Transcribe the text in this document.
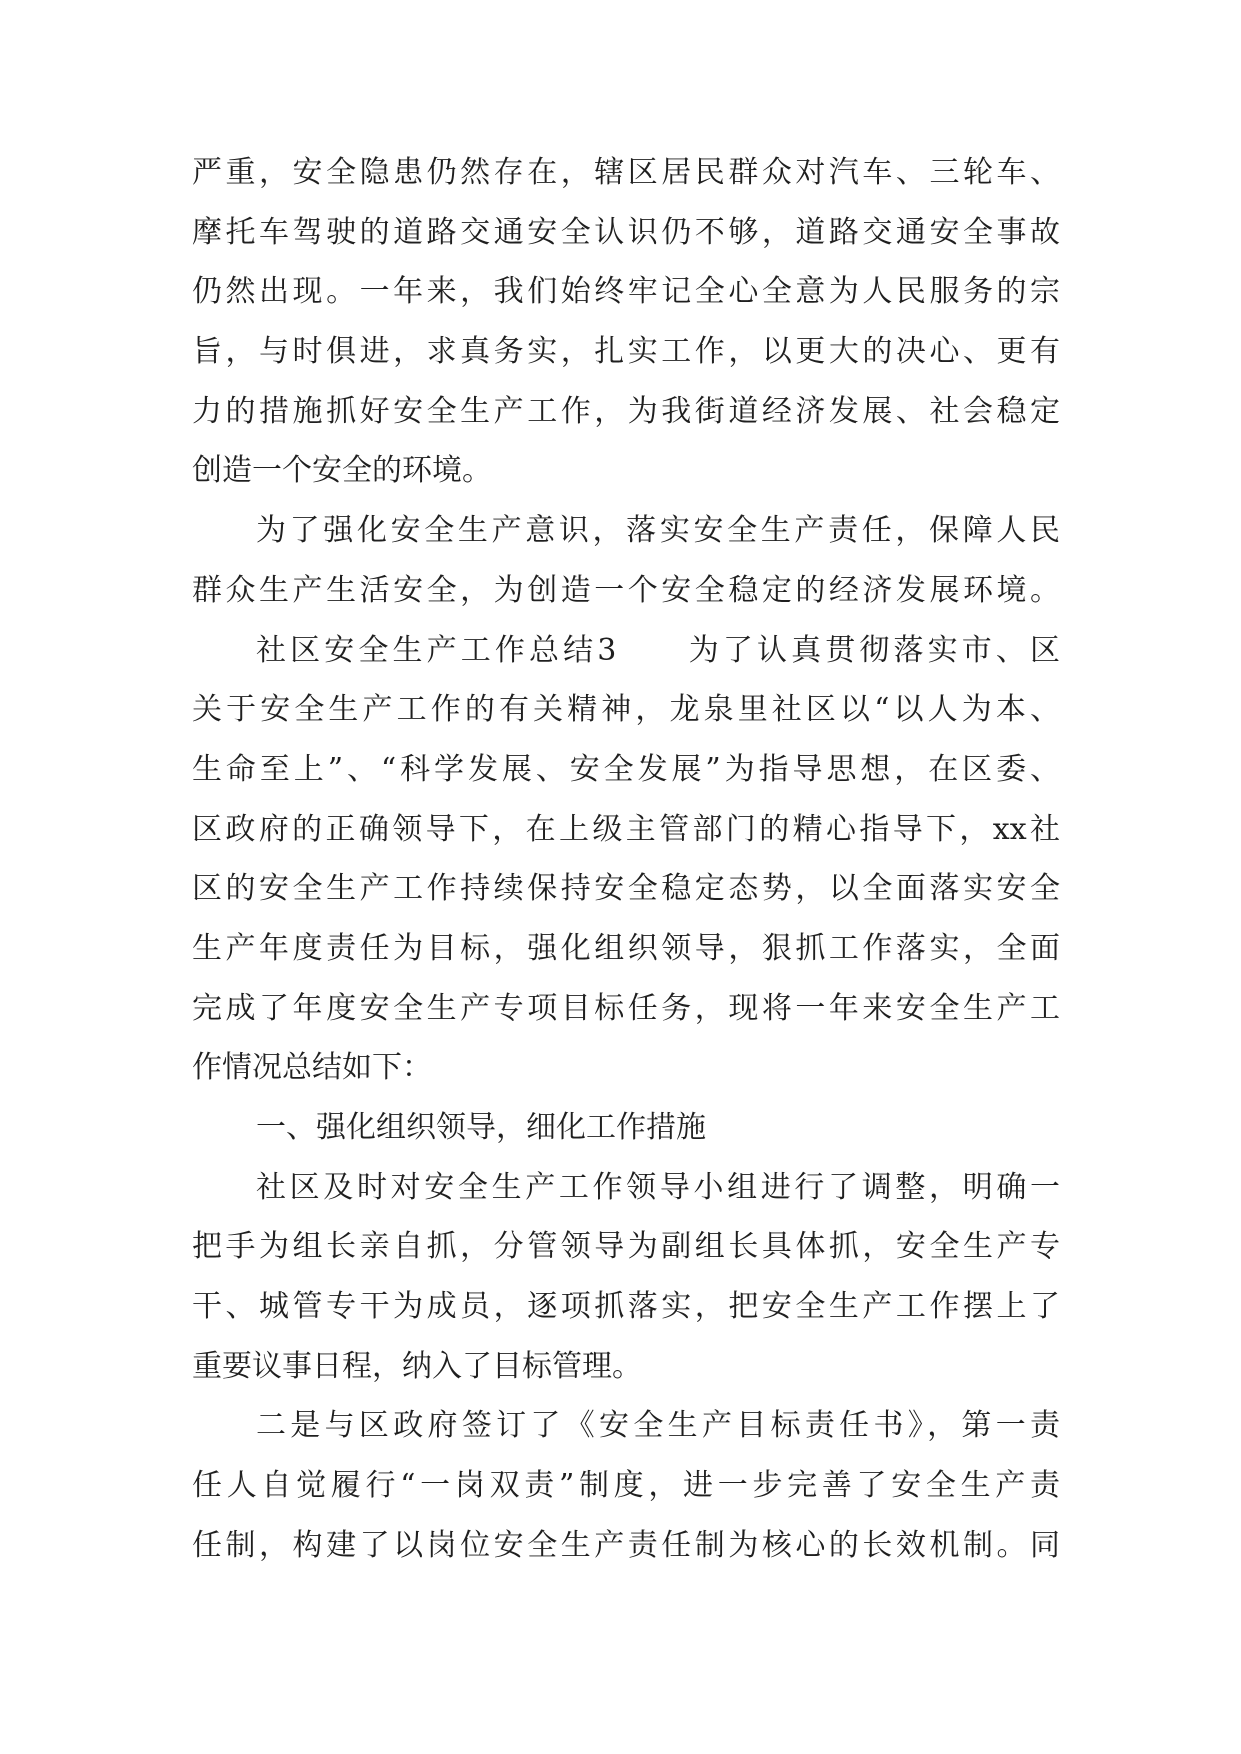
严重，安全隐患仍然存在，辖区居民群众对汽车、三轮车、
摩托车驾驶的道路交通安全认识仍不够，道路交通安全事故
仍然出现。一年来，我们始终牢记全心全意为人民服务的宗
旨，与时俱进，求真务实，扎实工作，以更大的决心、更有
力的措施抓好安全生产工作，为我街道经济发展、社会稳定
创造一个安全的环境。
为了强化安全生产意识，落实安全生产责任，保障人民
群众生产生活安全，为创造一个安全稳定的经济发展环境。
社区安全生产工作总结3　　为了认真贯彻落实市、区
关于安全生产工作的有关精神，龙泉里社区以“以人为本、
生命至上”、“科学发展、安全发展”为指导思想，在区委、
区政府的正确领导下，在上级主管部门的精心指导下，xx社
区的安全生产工作持续保持安全稳定态势，以全面落实安全
生产年度责任为目标，强化组织领导，狠抓工作落实，全面
完成了年度安全生产专项目标任务，现将一年来安全生产工
作情况总结如下：
一、强化组织领导，细化工作措施
社区及时对安全生产工作领导小组进行了调整，明确一
把手为组长亲自抓，分管领导为副组长具体抓，安全生产专
干、城管专干为成员，逐项抓落实，把安全生产工作摆上了
重要议事日程，纳入了目标管理。
二是与区政府签订了《安全生产目标责任书》，第一责
任人自觉履行“一岗双责”制度，进一步完善了安全生产责
任制，构建了以岗位安全生产责任制为核心的长效机制。同
